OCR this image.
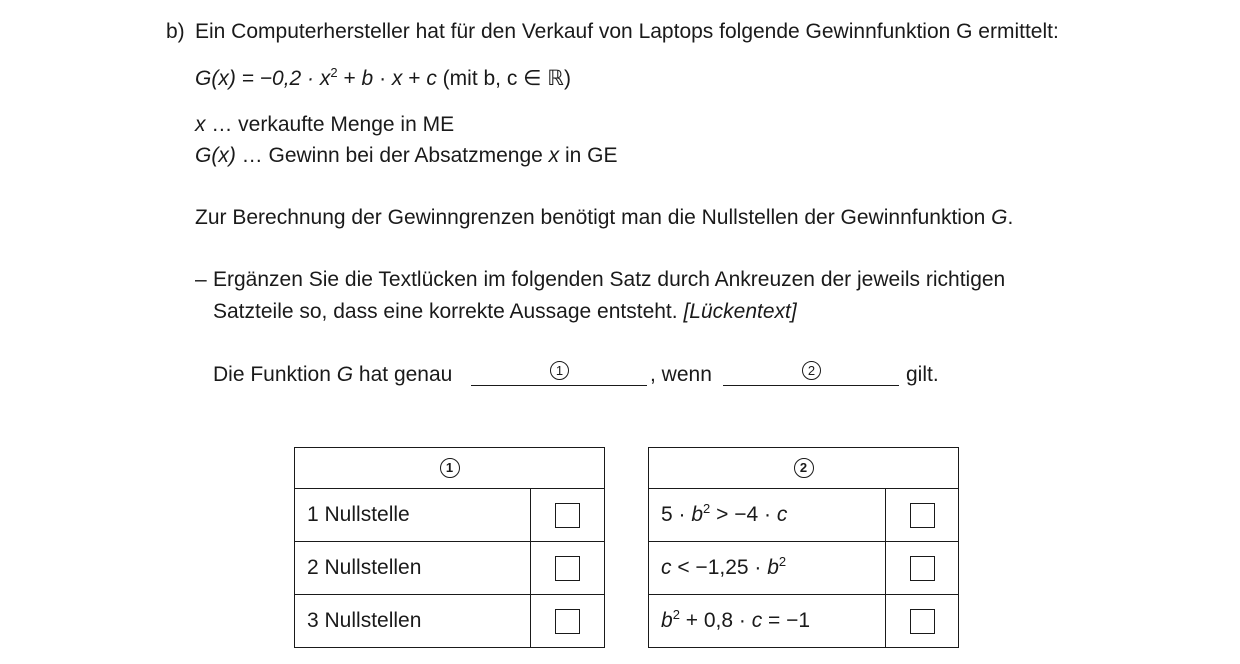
b) Ein Computerhersteller hat für den Verkauf von Laptops folgende Gewinnfunktion G ermittelt:
$G(x) = -0,2 \cdot x^2 + b \cdot x + c$ (mit b, c ∈ ℝ)
x … verkaufte Menge in ME
G(x) … Gewinn bei der Absatzmenge x in GE
Zur Berechnung der Gewinngrenzen benötigt man die Nullstellen der Gewinnfunktion G.
– Ergänzen Sie die Textlücken im folgenden Satz durch Ankreuzen der jeweils richtigen
Satzteile so, dass eine korrekte Aussage entsteht. [Lückentext]
Die Funktion G hat genau	1	, wenn	2	gilt.
1	
1 Nullstelle	
2 Nullstellen	
3 Nullstellen	
2	
$5 \cdot b^2 > -4 \cdot c$	
$c < -1,25 \cdot b^2$	
$b^2 + 0,8 \cdot c = -1$	
